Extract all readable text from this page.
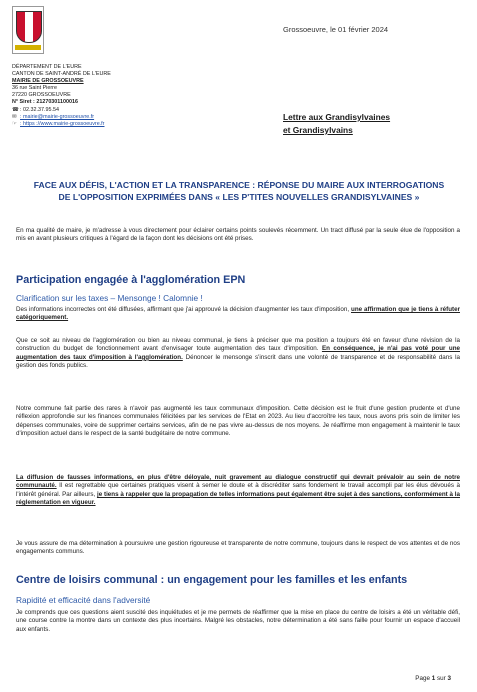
Grossoeuvre, le 01 février 2024
DÉPARTEMENT DE L'EURE
CANTON DE SAINT-ANDRÉ DE L'EURE
MAIRIE DE GROSSOEUVRE
36 rue Saint Pierre
27220 GROSSOEUVRE
N° Siret : 21270301100016
☎: 02.32.37.95.54
✉ : mairie@mairie-grossoeuvre.fr
☞ : https ://www.mairie-grossoeuvre.fr
Lettre aux Grandisylvaines
et Grandisylvains
FACE AUX DÉFIS, L'ACTION ET LA TRANSPARENCE : RÉPONSE DU MAIRE AUX INTERROGATIONS DE L'OPPOSITION EXPRIMÉES DANS « LES P'TITES NOUVELLES GRANDISYLVAINES »
En ma qualité de maire, je m'adresse à vous directement pour éclairer certains points soulevés récemment. Un tract diffusé par la seule élue de l'opposition a mis en avant plusieurs critiques à l'égard de la façon dont les décisions ont été prises.
Participation engagée à l'agglomération EPN
Clarification sur les taxes – Mensonge ! Calomnie !
Des informations incorrectes ont été diffusées, affirmant que j'ai approuvé la décision d'augmenter les taux d'imposition, une affirmation que je tiens à réfuter catégoriquement.
Que ce soit au niveau de l'agglomération ou bien au niveau communal, je tiens à préciser que ma position a toujours été en faveur d'une révision de la construction du budget de fonctionnement avant d'envisager toute augmentation des taux d'imposition. En conséquence, je n'ai pas voté pour une augmentation des taux d'imposition à l'agglomération. Dénoncer le mensonge s'inscrit dans une volonté de transparence et de responsabilité dans la gestion des fonds publics.
Notre commune fait partie des rares à n'avoir pas augmenté les taux communaux d'imposition. Cette décision est le fruit d'une gestion prudente et d'une réflexion approfondie sur les finances communales félicitées par les services de l'Etat en 2023. Au lieu d'accroître les taux, nous avons pris soin de limiter les dépenses communales, voire de supprimer certains services, afin de ne pas vivre au-dessus de nos moyens. Je réaffirme mon engagement à maintenir le taux d'imposition actuel dans le respect de la santé budgétaire de notre commune.
La diffusion de fausses informations, en plus d'être déloyale, nuit gravement au dialogue constructif qui devrait prévaloir au sein de notre communauté. Il est regrettable que certaines pratiques visent à semer le doute et à discréditer sans fondement le travail accompli par les élus dévoués à l'intérêt général. Par ailleurs, je tiens à rappeler que la propagation de telles informations peut également être sujet à des sanctions, conformément à la réglementation en vigueur.
Je vous assure de ma détermination à poursuivre une gestion rigoureuse et transparente de notre commune, toujours dans le respect de vos attentes et de nos engagements communs.
Centre de loisirs communal : un engagement pour les familles et les enfants
Rapidité et efficacité dans l'adversité
Je comprends que ces questions aient suscité des inquiétudes et je me permets de réaffirmer que la mise en place du centre de loisirs a été un véritable défi, une course contre la montre dans un contexte des plus incertains. Malgré les obstacles, notre détermination a été sans faille pour fournir un espace d'accueil aux enfants.
Page 1 sur 3
